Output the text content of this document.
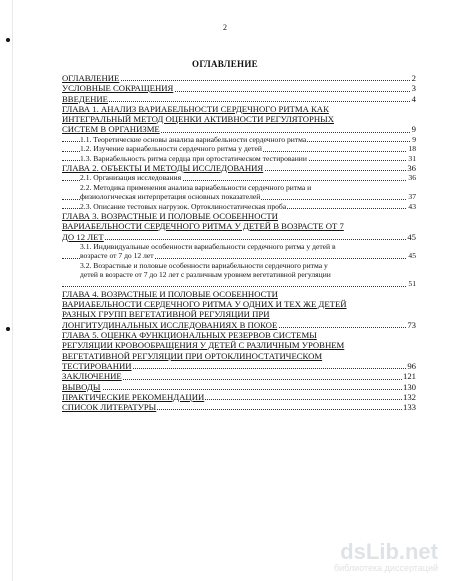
2
ОГЛАВЛЕНИЕ
ОГЛАВЛЕНИЕ	2
УСЛОВНЫЕ СОКРАЩЕНИЯ	3
ВВЕДЕНИЕ	4
ГЛАВА 1. АНАЛИЗ ВАРИАБЕЛЬНОСТИ СЕРДЕЧНОГО РИТМА КАК
ИНТЕГРАЛЬНЫЙ МЕТОД ОЦЕНКИ АКТИВНОСТИ РЕГУЛЯТОРНЫХ
СИСТЕМ В ОРГАНИЗМЕ	9
1.1. Теоретические основы анализа вариабельности сердечного ритма	9
1.2. Изучение вариабельности сердечного ритма у детей	18
1.3. Вариабельность ритма сердца при ортостатическом тестировании	31
ГЛАВА 2. ОБЪЕКТЫ И МЕТОДЫ ИССЛЕДОВАНИЯ	36
2.1. Организация исследования	36
2.2. Методика применения анализа вариабельности сердечного ритма и
физиологическая интерпретация основных показателей	37
2.3. Описание тестовых нагрузок. Ортоклиностатическая проба	43
ГЛАВА 3. ВОЗРАСТНЫЕ И ПОЛОВЫЕ ОСОБЕННОСТИ
ВАРИАБЕЛЬНОСТИ СЕРДЕЧНОГО РИТМА У ДЕТЕЙ В ВОЗРАСТЕ ОТ 7
ДО 12 ЛЕТ	45
3.1. Индивидуальные особенности вариабельности сердечного ритма у детей в
возрасте от 7 до 12 лет	45
3.2. Возрастные и половые особенности вариабельности сердечного ритма у
детей в возрасте от 7 до 12 лет с различным уровнем вегетативной регуляции
51
ГЛАВА 4. ВОЗРАСТНЫЕ И ПОЛОВЫЕ ОСОБЕННОСТИ
ВАРИАБЕЛЬНОСТИ СЕРДЕЧНОГО РИТМА У ОДНИХ И ТЕХ ЖЕ ДЕТЕЙ
РАЗНЫХ ГРУПП ВЕГЕТАТИВНОЙ РЕГУЛЯЦИИ ПРИ
ЛОНГИТУДИНАЛЬНЫХ ИССЛЕДОВАНИЯХ В ПОКОЕ	73
ГЛАВА 5. ОЦЕНКА ФУНКЦИОНАЛЬНЫХ РЕЗЕРВОВ СИСТЕМЫ
РЕГУЛЯЦИИ КРОВООБРАЩЕНИЯ У ДЕТЕЙ С РАЗЛИЧНЫМ УРОВНЕМ
ВЕГЕТАТИВНОЙ РЕГУЛЯЦИИ ПРИ ОРТОКЛИНОСТАТИЧЕСКОМ
ТЕСТИРОВАНИИ	96
ЗАКЛЮЧЕНИЕ	121
ВЫВОДЫ	130
ПРАКТИЧЕСКИЕ РЕКОМЕНДАЦИИ	132
СПИСОК ЛИТЕРАТУРЫ	133
dsLib.net
библиотека диссертаций
